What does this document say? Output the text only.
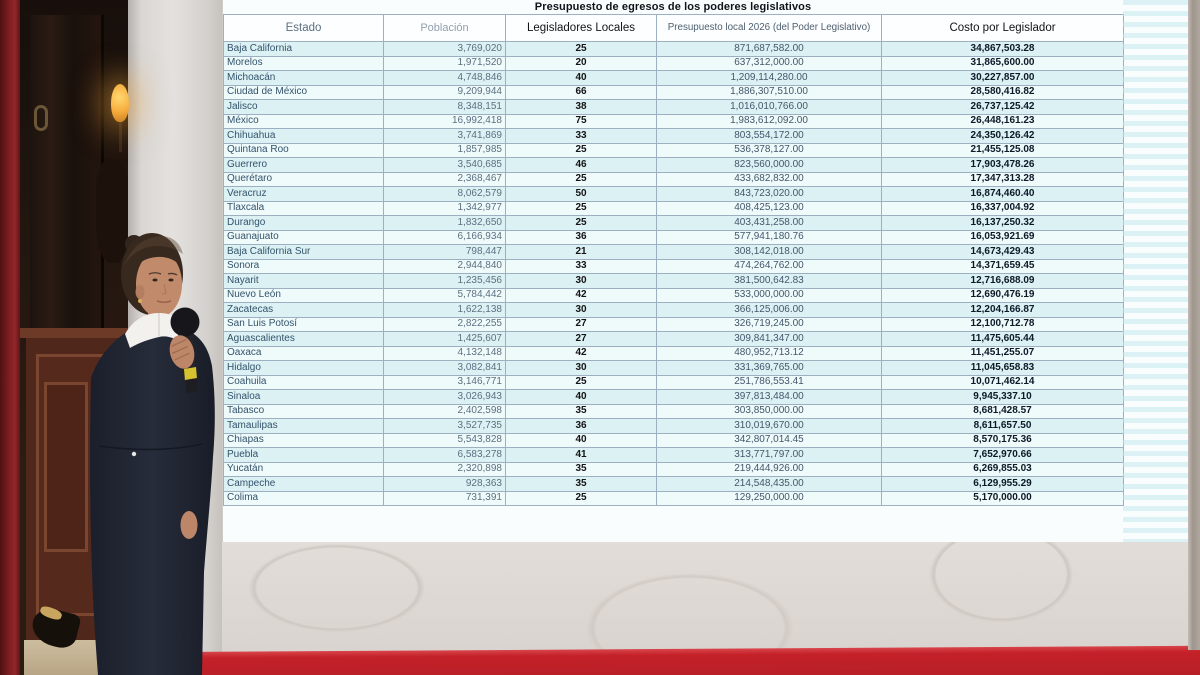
Presupuesto de egresos de los poderes legislativos
Estado	Población	Legisladores Locales	Presupuesto local 2026 (del Poder Legislativo)	Costo por Legislador
Baja California	3,769,020	25	871,687,582.00	34,867,503.28
Morelos	1,971,520	20	637,312,000.00	31,865,600.00
Michoacán	4,748,846	40	1,209,114,280.00	30,227,857.00
Ciudad de México	9,209,944	66	1,886,307,510.00	28,580,416.82
Jalisco	8,348,151	38	1,016,010,766.00	26,737,125.42
México	16,992,418	75	1,983,612,092.00	26,448,161.23
Chihuahua	3,741,869	33	803,554,172.00	24,350,126.42
Quintana Roo	1,857,985	25	536,378,127.00	21,455,125.08
Guerrero	3,540,685	46	823,560,000.00	17,903,478.26
Querétaro	2,368,467	25	433,682,832.00	17,347,313.28
Veracruz	8,062,579	50	843,723,020.00	16,874,460.40
Tlaxcala	1,342,977	25	408,425,123.00	16,337,004.92
Durango	1,832,650	25	403,431,258.00	16,137,250.32
Guanajuato	6,166,934	36	577,941,180.76	16,053,921.69
Baja California Sur	798,447	21	308,142,018.00	14,673,429.43
Sonora	2,944,840	33	474,264,762.00	14,371,659.45
Nayarit	1,235,456	30	381,500,642.83	12,716,688.09
Nuevo León	5,784,442	42	533,000,000.00	12,690,476.19
Zacatecas	1,622,138	30	366,125,006.00	12,204,166.87
San Luis Potosí	2,822,255	27	326,719,245.00	12,100,712.78
Aguascalientes	1,425,607	27	309,841,347.00	11,475,605.44
Oaxaca	4,132,148	42	480,952,713.12	11,451,255.07
Hidalgo	3,082,841	30	331,369,765.00	11,045,658.83
Coahuila	3,146,771	25	251,786,553.41	10,071,462.14
Sinaloa	3,026,943	40	397,813,484.00	9,945,337.10
Tabasco	2,402,598	35	303,850,000.00	8,681,428.57
Tamaulipas	3,527,735	36	310,019,670.00	8,611,657.50
Chiapas	5,543,828	40	342,807,014.45	8,570,175.36
Puebla	6,583,278	41	313,771,797.00	7,652,970.66
Yucatán	2,320,898	35	219,444,926.00	6,269,855.03
Campeche	928,363	35	214,548,435.00	6,129,955.29
Colima	731,391	25	129,250,000.00	5,170,000.00
